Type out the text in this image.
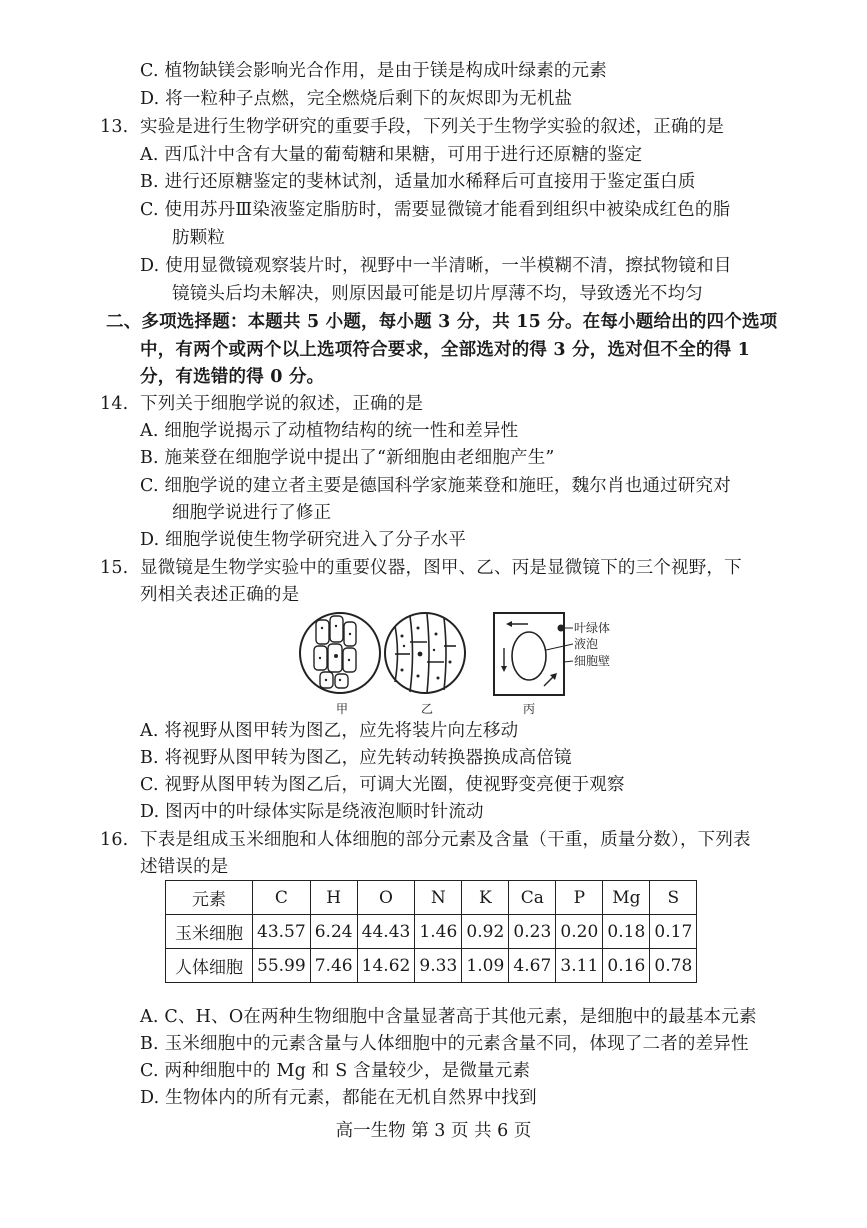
C. 植物缺镁会影响光合作用，是由于镁是构成叶绿素的元素
D. 将一粒种子点燃，完全燃烧后剩下的灰烬即为无机盐
13. 实验是进行生物学研究的重要手段，下列关于生物学实验的叙述，正确的是
A. 西瓜汁中含有大量的葡萄糖和果糖，可用于进行还原糖的鉴定
B. 进行还原糖鉴定的斐林试剂，适量加水稀释后可直接用于鉴定蛋白质
C. 使用苏丹Ⅲ染液鉴定脂肪时，需要显微镜才能看到组织中被染成红色的脂
肪颗粒
D. 使用显微镜观察装片时，视野中一半清晰，一半模糊不清，擦拭物镜和目
镜镜头后均未解决，则原因最可能是切片厚薄不均，导致透光不均匀
二、多项选择题：本题共 5 小题，每小题 3 分，共 15 分。在每小题给出的四个选项
中，有两个或两个以上选项符合要求，全部选对的得 3 分，选对但不全的得 1
分，有选错的得 0 分。
14. 下列关于细胞学说的叙述，正确的是
A. 细胞学说揭示了动植物结构的统一性和差异性
B. 施莱登在细胞学说中提出了“新细胞由老细胞产生”
C. 细胞学说的建立者主要是德国科学家施莱登和施旺，魏尔肖也通过研究对
细胞学说进行了修正
D. 细胞学说使生物学研究进入了分子水平
15. 显微镜是生物学实验中的重要仪器，图甲、乙、丙是显微镜下的三个视野，下
列相关表述正确的是
甲	乙
叶绿体
液泡
细胞壁
丙
A. 将视野从图甲转为图乙，应先将装片向左移动
B. 将视野从图甲转为图乙，应先转动转换器换成高倍镜
C. 视野从图甲转为图乙后，可调大光圈，使视野变亮便于观察
D. 图丙中的叶绿体实际是绕液泡顺时针流动
16. 下表是组成玉米细胞和人体细胞的部分元素及含量（干重，质量分数），下列表
述错误的是
元素	C	H	O	N	K	Ca	P	Mg	S
玉米细胞	43.57	6.24	44.43	1.46	0.92	0.23	0.20	0.18	0.17
人体细胞	55.99	7.46	14.62	9.33	1.09	4.67	3.11	0.16	0.78
A. C、H、O在两种生物细胞中含量显著高于其他元素，是细胞中的最基本元素
B. 玉米细胞中的元素含量与人体细胞中的元素含量不同，体现了二者的差异性
C. 两种细胞中的 Mg 和 S 含量较少，是微量元素
D. 生物体内的所有元素，都能在无机自然界中找到
高一生物 第 3 页 共 6 页
